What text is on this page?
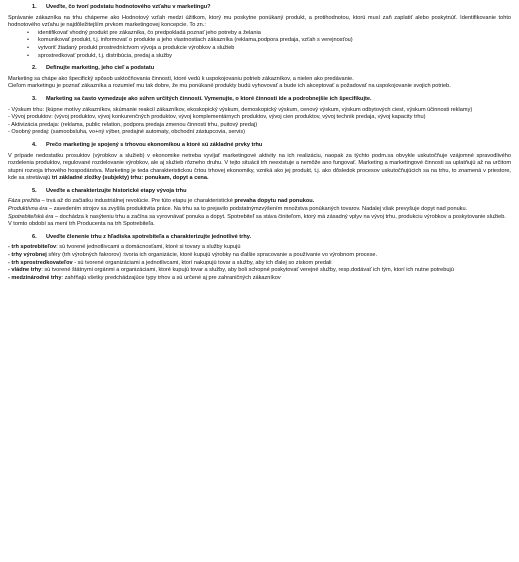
1.	Uveďte, čo tvorí podstatu hodnotového vzťahu v marketingu?

Správanie zákazníka na trhu chápeme ako Hodnotový vzťah medzi úžitkom, ktorý mu poskytne ponúkaný produkt, a protihodnotou, ktorú musí zaň zaplatiť alebo poskytnúť. Identifikovanie tohto hodnotového vzťahu je najdôležitejším prvkom marketingovej koncepcie. To zn.:

• identifikovať vhodný produkt pre zákazníka, čo predpokladá poznať jeho potreby a želania
• komunikovať produkt, t.j. informovať o produkte a jeho vlastnostiach zákazníka (reklama,podpora predaja, vzťah s verejnosťou)
• vytvoriť žiadaný produkt prostredníctvom vývoja a produkcie výrobkov a služieb
• sprostredkovať produkt, t.j. distribúcia, predaj a služby
2.	Definujte marketing, jeho cieľ a podstatu

Marketing sa chápe ako špecifický spôsob usktočňovania činností, ktoré vedú k uspokojovaniu potrieb zákazníkov, a nielen ako predávanie.

Cieľom marketingu je poznať zákazníka a rozumieť mu tak dobre, že mu ponúkané produkty budú vyhovovať a bude ich akceptovať a požadovať na uspokojovanie svojich potrieb.

3.	Marketing sa často vymedzuje ako súhrn určitých činností. Vymenujte, o ktoré činnosti ide a podrobnejšie ich špecifikujte.

- Výskum trhu: (kúpne motívy zákazníkov, skúmanie reakcií zákazníkov, ekoskopický výskum, demoskopický výskum, cenový výskum, výskum odbytových ciest, výskum účinnosti reklamy)

- Vývoj produktov: (vývoj produktov, vývoj konkurenčných produktov, vývoj komplementárnych produktov, vývoj cien produktov, vývoj technik predaja, vývoj kapacity trhu)

- Aktivizácia predaja: (reklama, public relation, podpora predaja zmenou činnosti trhu, puitový predaj)

- Osobný predaj: (samoobsluha, vo+ný výber, predajné automaty, obchodní zástupcovia, servis)

4.	Prečo marketing je spojený s trhovou ekonomikou a ktoré sú základné prvky trhu

V prípade nedostatku prosuktov (výrobkov a služieb) v ekonomike netreba vyvíjať marketingové aktivity na ich realizáciu, naopak za týchto podm.sa obvykle uskutočňuje vzájomné spravodlivého rozdelenia produktov, regulované rozdelovanie výrobkov, ale aj služieb rôzneho druhu. V tejto situácii trh neexistuje a nemôže ano fungovať. Marketing a marketingové činnosti sa uplatňujú až na určitom stupni rozvoja trhového hospodárstva. Marketing je teda charakteristickou črtou trhovej ekonomiky, vzniká ako jej produkt, t.j. ako dôsledok procesov uskutočňujúcich sa na trhu, to znamená v priestore, kde sa stretávajú tri základné zložky (subjekty) trhu: ponukam, dopyt a cena.

5.	Uveďte a charakterizujte historické etapy vývoja trhu

Fáza prežitia – trvá až do začiatku industriálnej revolúcie. Pre túto etapu je charakteristické prevaha dopytu nad ponukou.

Produktívna éra – zavedením strojov sa zvyšila produktivita práce. Na trhu sa to prejavilo podstatnýmzvýšením množstva ponúkaných tovarov. Nadalej však prevyšuje dopyt nad ponuku.

Spotrebiteľská éra – dochádza k nasýteniu trhu a začína sa vyrovnávať ponuka a dopyt. Spotrebiteľ sa stáva činiteľom, ktorý má zásadný vplyv na vývoj trhu, produkciu výrobkov a poskytovanie služieb. V tomto období sa mení trh Producenta na trh Spotrebiteľa.

6.	Uveďte členenie trhu z hľadiska spotrebiteľa a charakterizujte jednotlivé trhy.

- trh spotrebiteľov: sú tvorené jednotlivcami a domácnosťami, ktoré si tovary a služby kupujú

- trhy výrobnej sféry (trh výrobných fakrorov) :tvoria ich organizácie, ktoré kupujú výrobky na ďalšie spracovanie a používanie vo výrobnom procese.

- trh sprostredkovateľov - sú tvorené organizáciami a jednotlivcami, ktorí nakupujú tovar a služby, aby ich ďalej so ziskom predali

- vládne trhy: sú tvorené štátnymi orgánmi a organizáciami, ktoré kupujú tovar a služby, aby boli schopné poskytovať verejné služby, resp.dodávať ich tým, ktorí ich nutne potrebujú

- medzinárodné trhy: zahŕňajú všetky predchádzajúce typy trhov a sú určené aj pre zahraničných zákazníkov
